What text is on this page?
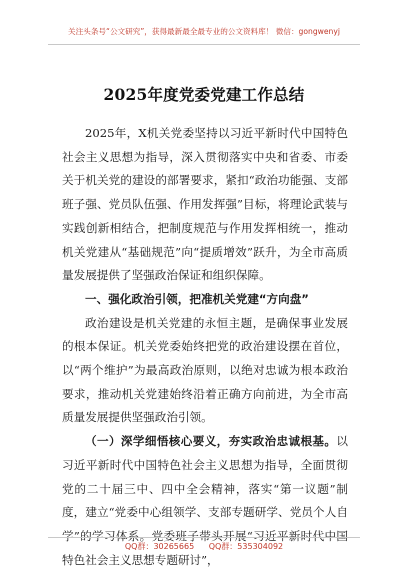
关注头条号“公文研究”，获得最新最全最专业的公文资料库！ 微信：gongwenyj
2025年度党委党建工作总结

2025年，X机关党委坚持以习近平新时代中国特色社会主义思想为指导，深入贯彻落实中央和省委、市委关于机关党的建设的部署要求，紧扣“政治功能强、支部班子强、党员队伍强、作用发挥强”目标，将理论武装与实践创新相结合，把制度规范与作用发挥相统一，推动机关党建从“基础规范”向“提质增效”跃升，为全市高质量发展提供了坚强政治保证和组织保障。

一、强化政治引领，把准机关党建“方向盘”

政治建设是机关党建的永恒主题，是确保事业发展的根本保证。机关党委始终把党的政治建设摆在首位，以“两个维护”为最高政治原则，以绝对忠诚为根本政治要求，推动机关党建始终沿着正确方向前进，为全市高质量发展提供坚强政治引领。

（一）深学细悟核心要义，夯实政治忠诚根基。以习近平新时代中国特色社会主义思想为指导，全面贯彻党的二十届三中、四中全会精神，落实“第一议题”制度，建立“党委中心组领学、支部专题研学、党员个人自学”的学习体系。党委班子带头开展“习近平新时代中国特色社会主义思想专题研讨”，

QQ群：30265665 QQ群：535304092
